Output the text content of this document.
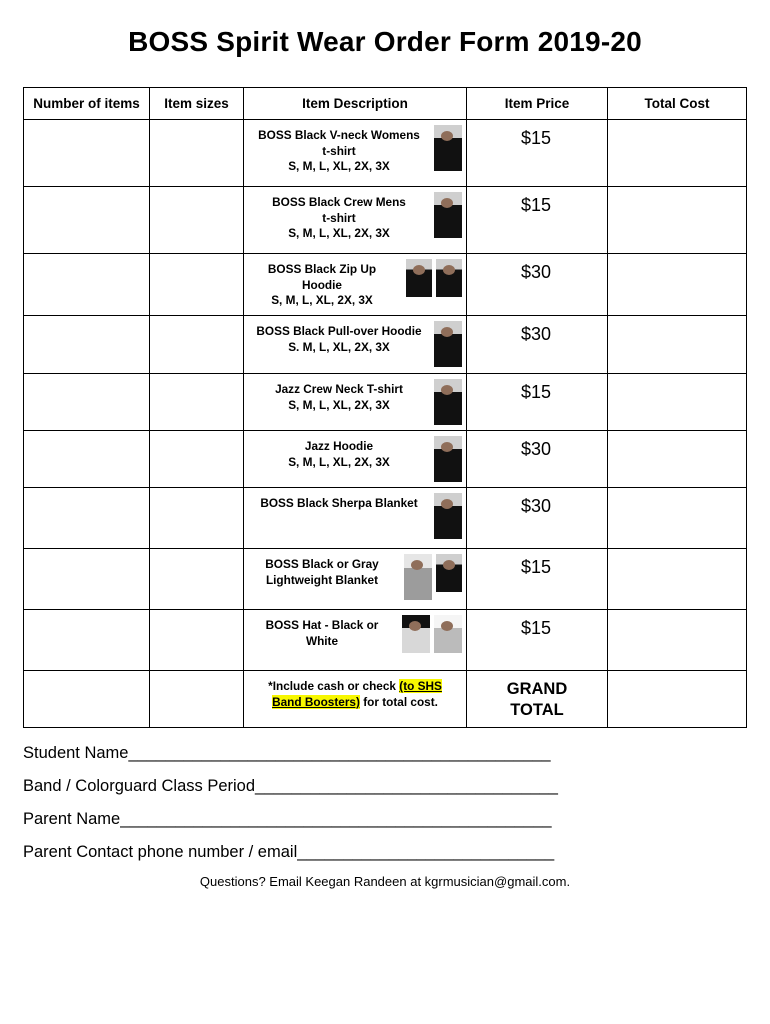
BOSS Spirit Wear Order Form 2019-20
Number of items	Item sizes	Item Description	Item Price	Total Cost

		BOSS Black V-neck Womens
t-shirt
S, M, L, XL, 2X, 3X	$15	

		BOSS Black Crew Mens
t-shirt
S, M, L, XL, 2X, 3X	$15	

		BOSS Black Zip Up
Hoodie
S, M, L, XL, 2X, 3X	$30	

		BOSS Black Pull-over Hoodie
S. M, L, XL, 2X, 3X	$30	

		Jazz Crew Neck T-shirt
S, M, L, XL, 2X, 3X	$15	

		Jazz Hoodie
S, M, L, XL, 2X, 3X	$30	

		BOSS Black Sherpa Blanket	$30	

		BOSS Black or Gray
Lightweight Blanket	$15	

		BOSS Hat - Black or
White	$15	

		*Include cash or check (to SHS
Band Boosters) for total cost.	GRAND
TOTAL	

Student Name______________________________________________
Band / Colorguard Class Period_________________________________
Parent Name_______________________________________________
Parent Contact phone number / email____________________________
Questions? Email Keegan Randeen at kgrmusician@gmail.com.
